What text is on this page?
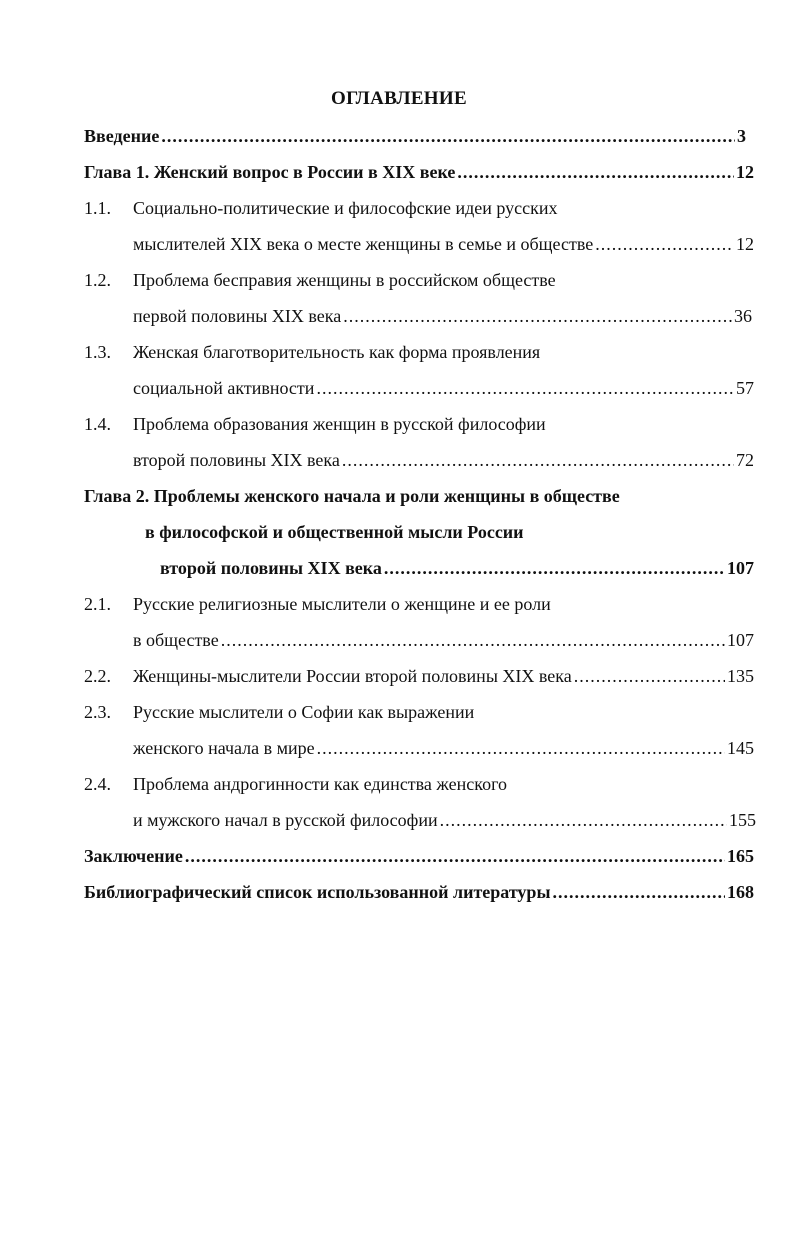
ОГЛАВЛЕНИЕ
Введение .....	3
Глава 1. Женский вопрос в России в XIX веке .....	12
1.1. Социально-политические и философские идеи русских
мыслителей XIX века о месте женщины в семье и обществе .....	12
1.2. Проблема бесправия женщины в российском обществе
первой половины XIX века .....	36
1.3. Женская благотворительность как форма проявления
социальной активности .....	57
1.4. Проблема образования женщин в русской философии
второй половины XIX века .....	72
Глава 2. Проблемы женского начала и роли женщины в обществе
в философской и общественной мысли России
второй половины XIX века .....	107
2.1. Русские религиозные мыслители о женщине и ее роли
в обществе .....	107
2.2. Женщины-мыслители России второй половины XIX века .....	135
2.3. Русские мыслители о Софии как выражении
женского начала в мире .....	145
2.4. Проблема андрогинности как единства женского
и мужского начал в русской философии .....	155
Заключение .....	165
Библиографический список использованной литературы .....	168
